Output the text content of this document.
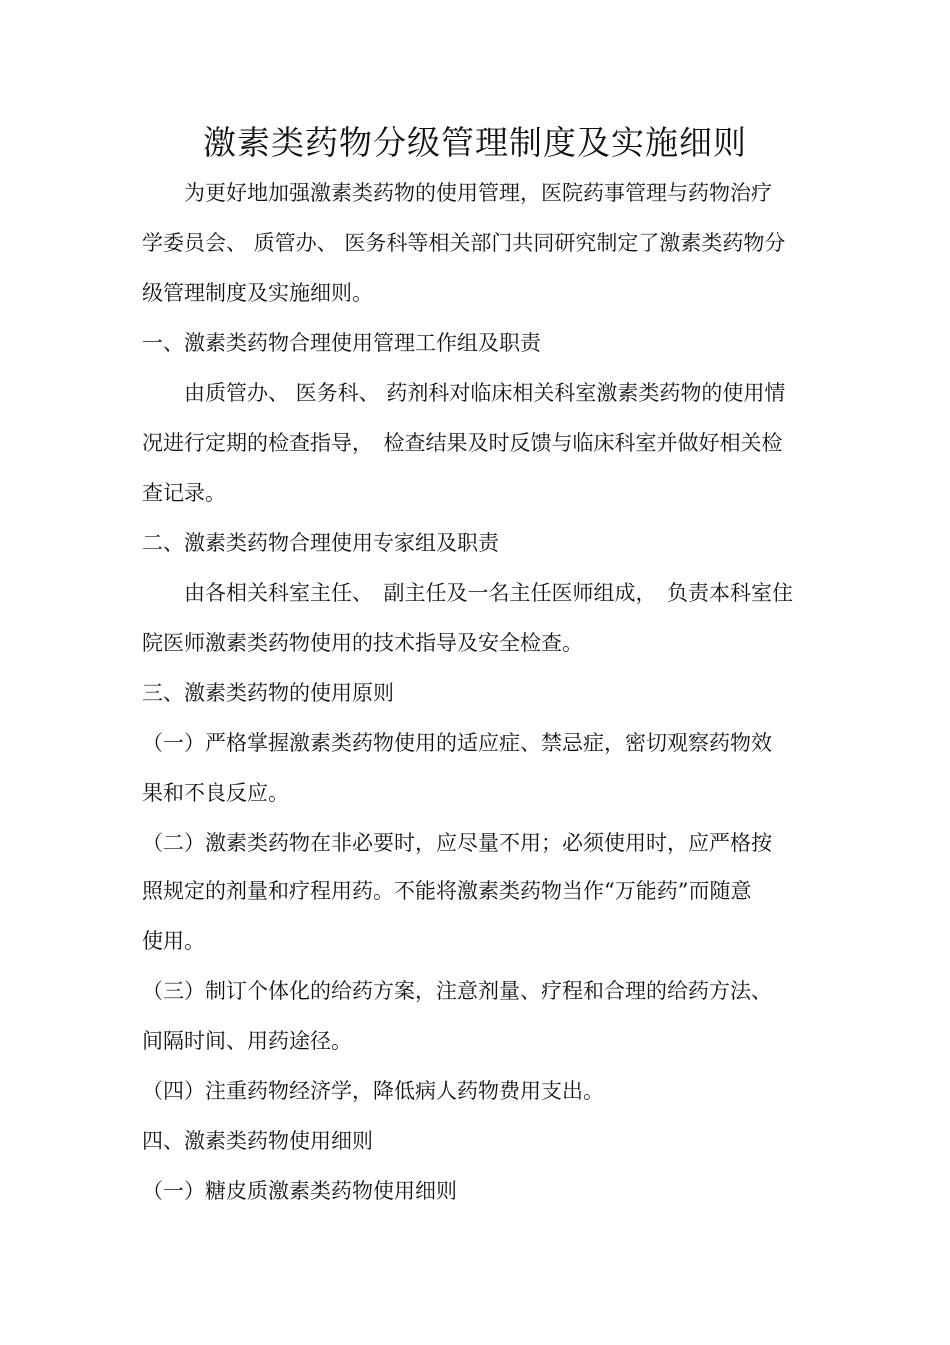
激素类药物分级管理制度及实施细则
　　为更好地加强激素类药物的使用管理，医院药事管理与药物治疗
学委员会、 质管办、 医务科等相关部门共同研究制定了激素类药物分
级管理制度及实施细则。
一、激素类药物合理使用管理工作组及职责
　　由质管办、 医务科、 药剂科对临床相关科室激素类药物的使用情
况进行定期的检查指导，　检查结果及时反馈与临床科室并做好相关检
查记录。
二、激素类药物合理使用专家组及职责
　　由各相关科室主任、　副主任及一名主任医师组成，　负责本科室住
院医师激素类药物使用的技术指导及安全检查。
三、激素类药物的使用原则
（一）严格掌握激素类药物使用的适应症、禁忌症，密切观察药物效
果和不良反应。
（二）激素类药物在非必要时，应尽量不用；必须使用时，应严格按
照规定的剂量和疗程用药。不能将激素类药物当作“万能药”而随意
使用。
（三）制订个体化的给药方案，注意剂量、疗程和合理的给药方法、
间隔时间、用药途径。
（四）注重药物经济学，降低病人药物费用支出。
四、激素类药物使用细则
（一）糖皮质激素类药物使用细则
